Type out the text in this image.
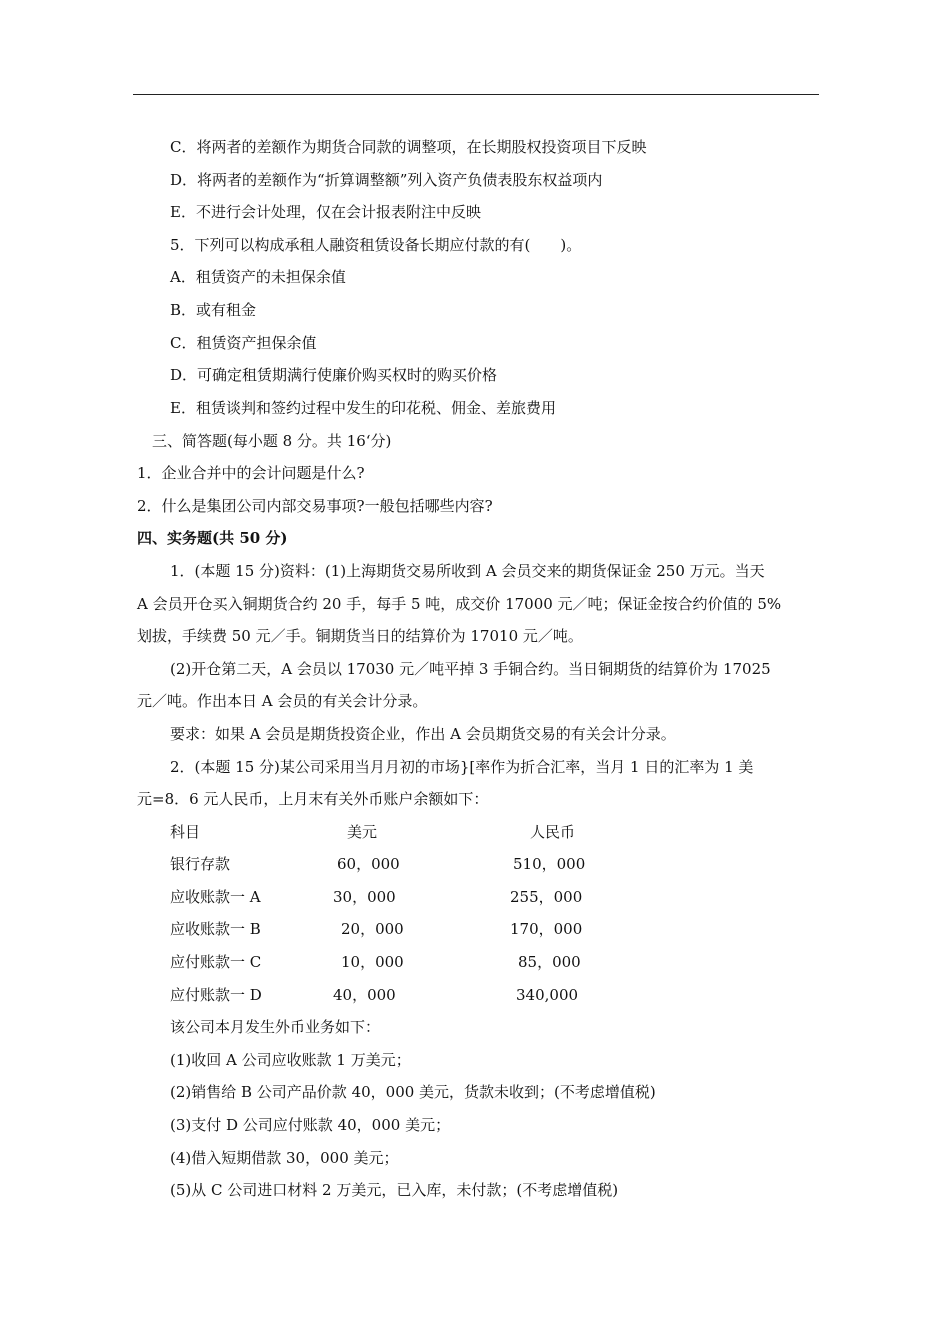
C．将两者的差额作为期货合同款的调整项，在长期股权投资项目下反映
D．将两者的差额作为“折算调整额”列入资产负债表股东权益项内
E．不进行会计处理，仅在会计报表附注中反映
5．下列可以构成承租人融资租赁设备长期应付款的有(　　)。
A．租赁资产的未担保余值
B．或有租金
C．租赁资产担保余值
D．可确定租赁期满行使廉价购买权时的购买价格
E．租赁谈判和签约过程中发生的印花税、佣金、差旅费用
三、简答题(每小题 8 分。共 16‘分)
1．企业合并中的会计问题是什么?
2．什么是集团公司内部交易事项?一般包括哪些内容?
四、实务题(共 50 分)
1．(本题 15 分)资料：(1)上海期货交易所收到 A 会员交来的期货保证金 250 万元。当天
A 会员开仓买入铜期货合约 20 手，每手 5 吨，成交价 17000 元／吨；保证金按合约价值的 5%
划拔，手续费 50 元／手。铜期货当日的结算价为 17010 元／吨。
(2)开仓第二天，A 会员以 17030 元／吨平掉 3 手铜合约。当日铜期货的结算价为 17025
元／吨。作出本日 A 会员的有关会计分录。
要求：如果 A 会员是期货投资企业，作出 A 会员期货交易的有关会计分录。
2．(本题 15 分)某公司采用当月月初的市场}[率作为折合汇率，当月 1 日的汇率为 1 美
元=8．6 元人民币，上月末有关外币账户余额如下：
科目	美元	人民币
银行存款	60，000	510，000
应收账款一 A	30，000	255，000
应收账款一 B	20，000	170，000
应付账款一 C	10，000	85，000
应付账款一 D	40，000	340,000
该公司本月发生外币业务如下：
(1)收回 A 公司应收账款 1 万美元；
(2)销售给 B 公司产品价款 40，000 美元，货款未收到；(不考虑增值税)
(3)支付 D 公司应付账款 40，000 美元；
(4)借入短期借款 30，000 美元；
(5)从 C 公司进口材料 2 万美元，已入库，未付款；(不考虑增值税)
